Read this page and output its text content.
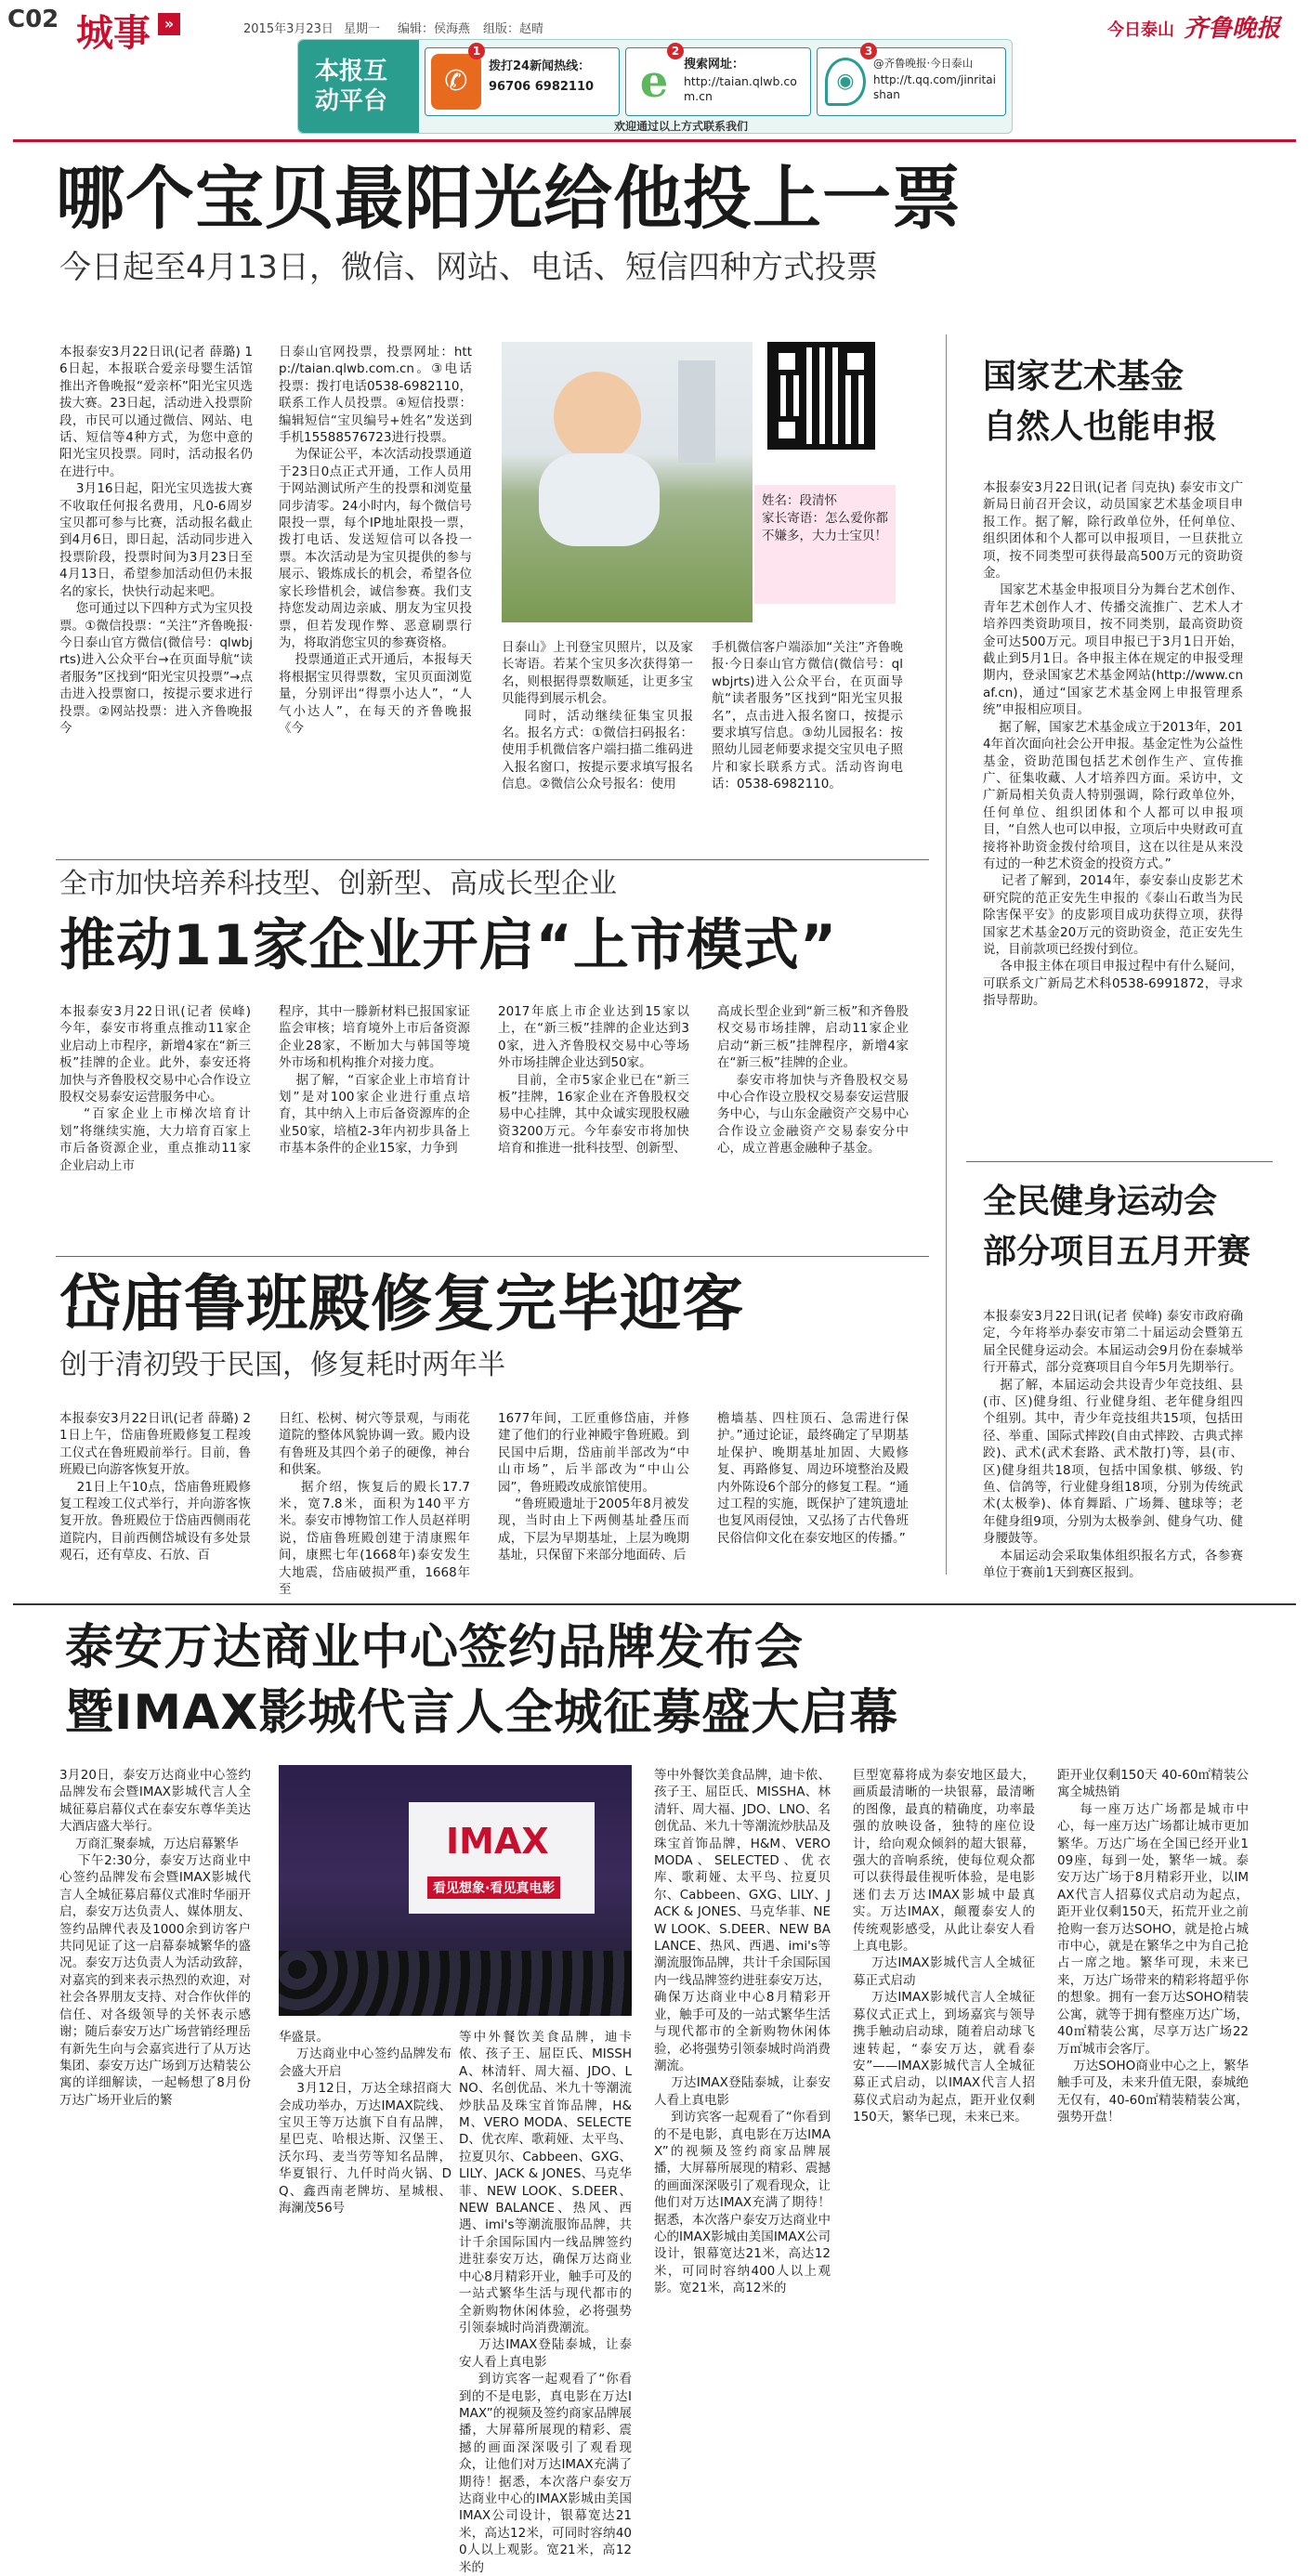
C02 城事 »	2015年3月23日 星期一 编辑：侯海燕 组版：赵晴	今日泰山 齐鲁晚报
本报互
动平台
✆
1
拨打24新闻热线：
96706 6982110	e
2
搜索网址：
http://taian.qlwb.com.cn
◉
3
@齐鲁晚报·今日泰山
http://t.qq.com/jinritaishan
欢迎通过以上方式联系我们
哪个宝贝最阳光给他投上一票
今日起至4月13日，微信、网站、电话、短信四种方式投票
本报泰安3月22日讯(记者 薛璐) 16日起，本报联合爱亲母婴生活馆推出齐鲁晚报“爱亲杯”阳光宝贝选拔大赛。23日起，活动进入投票阶段，市民可以通过微信、网站、电话、短信等4种方式，为您中意的阳光宝贝投票。同时，活动报名仍在进行中。
3月16日起，阳光宝贝选拔大赛不收取任何报名费用，凡0-6周岁宝贝都可参与比赛，活动报名截止到4月6日，即日起，活动同步进入投票阶段，投票时间为3月23日至4月13日，希望参加活动但仍未报名的家长，快快行动起来吧。
您可通过以下四种方式为宝贝投票。①微信投票：“关注”齐鲁晚报·今日泰山官方微信(微信号：qlwbjrts)进入公众平台→在页面导航“读者服务”区找到“阳光宝贝投票”→点击进入投票窗口，按提示要求进行投票。②网站投票：进入齐鲁晚报今
日泰山官网投票，投票网址：http://taian.qlwb.com.cn。③电话投票：拨打电话0538-6982110，联系工作人员投票。④短信投票：编辑短信“宝贝编号+姓名”发送到手机15588576723进行投票。
为保证公平，本次活动投票通道于23日0点正式开通，工作人员用于网站测试所产生的投票和浏览量同步清零。24小时内，每个微信号限投一票，每个IP地址限投一票，拨打电话、发送短信可以各投一票。本次活动是为宝贝提供的参与展示、锻炼成长的机会，希望各位家长珍惜机会，诚信参赛。我们支持您发动周边亲戚、朋友为宝贝投票，但若发现作弊、恶意刷票行为，将取消您宝贝的参赛资格。
投票通道正式开通后，本报每天将根据宝贝得票数，宝贝页面浏览量，分别评出“得票小达人”，“人气小达人”，在每天的齐鲁晚报《今
姓名：段清怀
家长寄语：怎么爱你都不嫌多，大力士宝贝！
日泰山》上刊登宝贝照片，以及家长寄语。若某个宝贝多次获得第一名，则根据得票数顺延，让更多宝贝能得到展示机会。
同时，活动继续征集宝贝报名。报名方式：①微信扫码报名：使用手机微信客户端扫描二维码进入报名窗口，按提示要求填写报名信息。②微信公众号报名：使用
手机微信客户端添加“关注”齐鲁晚报·今日泰山官方微信(微信号：qlwbjrts)进入公众平台，在页面导航“读者服务”区找到“阳光宝贝报名”，点击进入报名窗口，按提示要求填写信息。③幼儿园报名：按照幼儿园老师要求提交宝贝电子照片和家长联系方式。活动咨询电话：0538-6982110。
全市加快培养科技型、创新型、高成长型企业
推动11家企业开启“上市模式”
本报泰安3月22日讯(记者 侯峰) 今年，泰安市将重点推动11家企业启动上市程序，新增4家在“新三板”挂牌的企业。此外，泰安还将加快与齐鲁股权交易中心合作设立股权交易泰安运营服务中心。
“百家企业上市梯次培育计划”将继续实施，大力培育百家上市后备资源企业，重点推动11家企业启动上市
程序，其中一滕新材料已报国家证监会审核；培育境外上市后备资源企业28家，不断加大与韩国等境外市场和机构推介对接力度。
据了解，“百家企业上市培育计划”是对100家企业进行重点培育，其中纳入上市后备资源库的企业50家，培植2-3年内初步具备上市基本条件的企业15家，力争到
2017年底上市企业达到15家以上，在“新三板”挂牌的企业达到30家，进入齐鲁股权交易中心等场外市场挂牌企业达到50家。
目前，全市5家企业已在“新三板”挂牌，16家企业在齐鲁股权交易中心挂牌，其中众诚实现股权融资3200万元。今年泰安市将加快培育和推进一批科技型、创新型、
高成长型企业到“新三板”和齐鲁股权交易市场挂牌，启动11家企业启动“新三板”挂牌程序，新增4家在“新三板”挂牌的企业。
泰安市将加快与齐鲁股权交易中心合作设立股权交易泰安运营服务中心，与山东金融资产交易中心合作设立金融资产交易泰安分中心，成立普惠金融种子基金。
岱庙鲁班殿修复完毕迎客
创于清初毁于民国，修复耗时两年半
本报泰安3月22日讯(记者 薛璐) 21日上午，岱庙鲁班殿修复工程竣工仪式在鲁班殿前举行。目前，鲁班殿已向游客恢复开放。
21日上午10点，岱庙鲁班殿修复工程竣工仪式举行，并向游客恢复开放。鲁班殿位于岱庙西侧雨花道院内，目前西侧岱城设有多处景观石，还有草皮、石放、百
日红、松树、树穴等景观，与雨花道院的整体风貌协调一致。殿内设有鲁班及其四个弟子的硬像，神台和供案。
据介绍，恢复后的殿长17.7米，宽7.8米，面积为140平方米。泰安市博物馆工作人员赵祥明说，岱庙鲁班殿创建于清康熙年间，康熙七年(1668年)泰安发生大地震，岱庙破损严重，1668年至
1677年间，工匠重修岱庙，并修建了他们的行业神殿宇鲁班殿。到民国中后期，岱庙前半部改为“中山市场”，后半部改为“中山公园”，鲁班殿改成旅馆使用。
“鲁班殿遗址于2005年8月被发现，当时由上下两侧基址叠压而成，下层为早期基址，上层为晚期基址，只保留下来部分地面砖、后
檐墙基、四柱顶石、急需进行保护。”通过论证，最终确定了早期基址保护、晚期基址加固、大殿修复、再路修复、周边环境整治及殿内外陈设6个部分的修复工程。“通过工程的实施，既保护了建筑遗址也复风雨侵蚀，又弘扬了古代鲁班民俗信仰文化在泰安地区的传播。”
国家艺术基金
自然人也能申报
本报泰安3月22日讯(记者 闫克执) 泰安市文广新局日前召开会议，动员国家艺术基金项目申报工作。据了解，除行政单位外，任何单位、组织团体和个人都可以申报项目，一旦获批立项，按不同类型可获得最高500万元的资助资金。
国家艺术基金申报项目分为舞台艺术创作、青年艺术创作人才、传播交流推广、艺术人才培养四类资助项目，按不同类别，最高资助资金可达500万元。项目申报已于3月1日开始，截止到5月1日。各申报主体在规定的申报受理期内，登录国家艺术基金网站(http://www.cnaf.cn)，通过“国家艺术基金网上申报管理系统”申报相应项目。
据了解，国家艺术基金成立于2013年，2014年首次面向社会公开申报。基金定性为公益性基金，资助范围包括艺术创作生产、宣传推广、征集收藏、人才培养四方面。采访中，文广新局相关负责人特别强调，除行政单位外，任何单位、组织团体和个人都可以申报项目，“自然人也可以申报，立项后中央财政可直接将补助资金拨付给项目，这在以往是从来没有过的一种艺术资金的投资方式。”
记者了解到，2014年，泰安泰山皮影艺术研究院的范正安先生申报的《泰山石敢当为民除害保平安》的皮影项目成功获得立项，获得国家艺术基金20万元的资助资金，范正安先生说，目前款项已经拨付到位。
各申报主体在项目申报过程中有什么疑问，可联系文广新局艺术科0538-6991872，寻求指导帮助。
全民健身运动会
部分项目五月开赛
本报泰安3月22日讯(记者 侯峰) 泰安市政府确定，今年将举办泰安市第二十届运动会暨第五届全民健身运动会。本届运动会9月份在泰城举行开幕式，部分竞赛项目自今年5月先期举行。
据了解，本届运动会共设青少年竞技组、县(市、区)健身组、行业健身组、老年健身组四个组别。其中，青少年竞技组共15项，包括田径、举重、国际式摔跤(自由式摔跤、古典式摔跤)、武术(武术套路、武术散打)等，县(市、区)健身组共18项，包括中国象棋、够级、钓鱼、信鸽等，行业健身组18项，分别为传统武术(太极拳)、体育舞蹈、广场舞、毽球等；老年健身组9项，分别为太极拳剑、健身气功、健身腰鼓等。
本届运动会采取集体组织报名方式，各参赛单位于赛前1天到赛区报到。
泰安万达商业中心签约品牌发布会
暨IMAX影城代言人全城征募盛大启幕
3月20日，泰安万达商业中心签约品牌发布会暨IMAX影城代言人全城征募启幕仪式在泰安东尊华美达大酒店盛大举行。
万商汇聚泰城，万达启幕繁华
下午2:30分，泰安万达商业中心签约品牌发布会暨IMAX影城代言人全城征募启幕仪式准时华丽开启，泰安万达负责人、媒体朋友、签约品牌代表及1000余到访客户共同见证了这一启幕泰城繁华的盛况。泰安万达负责人为活动致辞，对嘉宾的到来表示热烈的欢迎，对社会各界朋友支持、对合作伙伴的信任、对各级领导的关怀表示感谢；随后泰安万达广场营销经理岳有新先生向与会嘉宾进行了从万达集团、泰安万达广场到万达精装公寓的详细解读，一起畅想了8月份万达广场开业后的繁
IMAX
看见想象·看见真电影
华盛景。
万达商业中心签约品牌发布会盛大开启
3月12日，万达全球招商大会成功举办，万达IMAX院线、宝贝王等万达旗下自有品牌，星巴克、哈根达斯、汉堡王、沃尔玛、麦当劳等知名品牌，华夏银行、九仟时尚火锅、DQ、鑫西南老牌坊、星城根、海澜茂56号
等中外餐饮美食品牌，迪卡侬、孩子王、屈臣氏、MISSHA、林清轩、周大福、JDO、LNO、名创优品、米九十等潮流炒肤品及珠宝首饰品牌，H&M、VERO MODA、SELECTED、优衣库、歌莉娅、太平鸟、拉夏贝尔、Cabbeen、GXG、LILY、JACK & JONES、马克华菲、NEW LOOK、S.DEER、NEW BALANCE、热风、西遇、imi's等潮流服饰品牌，共计千余国际国内一线品牌签约进驻泰安万达，确保万达商业中心8月精彩开业，触手可及的一站式繁华生活与现代都市的全新购物休闲体验，必将强势引领泰城时尚消费潮流。
万达IMAX登陆泰城，让泰安人看上真电影
到访宾客一起观看了“你看到的不是电影，真电影在万达IMAX”的视频及签约商家品牌展播，大屏幕所展现的精彩、震撼的画面深深吸引了观看现众，让他们对万达IMAX充满了期待！据悉，本次落户泰安万达商业中心的IMAX影城由美国IMAX公司设计，银幕宽达21米，高达12米，可同时容纳400人以上观影。宽21米，高12米的
等中外餐饮美食品牌，迪卡侬、孩子王、屈臣氏、MISSHA、林清轩、周大福、JDO、LNO、名创优品、米九十等潮流炒肤品及珠宝首饰品牌，H&M、VERO MODA、SELECTED、优衣库、歌莉娅、太平鸟、拉夏贝尔、Cabbeen、GXG、LILY、JACK & JONES、马克华菲、NEW LOOK、S.DEER、NEW BALANCE、热风、西遇、imi's等潮流服饰品牌，共计千余国际国内一线品牌签约进驻泰安万达，确保万达商业中心8月精彩开业，触手可及的一站式繁华生活与现代都市的全新购物休闲体验，必将强势引领泰城时尚消费潮流。
万达IMAX登陆泰城，让泰安人看上真电影
到访宾客一起观看了“你看到的不是电影，真电影在万达IMAX”的视频及签约商家品牌展播，大屏幕所展现的精彩、震撼的画面深深吸引了观看现众，让他们对万达IMAX充满了期待！据悉，本次落户泰安万达商业中心的IMAX影城由美国IMAX公司设计，银幕宽达21米，高达12米，可同时容纳400人以上观影。宽21米，高12米的
巨型宽幕将成为泰安地区最大，画质最清晰的一块银幕，最清晰的图像，最真的精确度，功率最强的放映设备，独特的座位设计，给向观众倾斜的超大银幕，强大的音响系统，使每位观众都可以获得最佳视听体验，是电影迷们去万达IMAX影城中最真实。万达IMAX，颠覆泰安人的传统观影感受，从此让泰安人看上真电影。
万达IMAX影城代言人全城征募正式启动
万达IMAX影城代言人全城征募仪式正式上，到场嘉宾与领导携手触动启动球，随着启动球飞速转起，“泰安万达，就看泰安”——IMAX影城代言人全城征募正式启动，以IMAX代言人招募仪式启动为起点，距开业仅剩150天，繁华已现，未来已来。
距开业仅剩150天 40-60㎡精装公寓全城热销
每一座万达广场都是城市中心，每一座万达广场都让城市更加繁华。万达广场在全国已经开业109座，每到一处，繁华一城。泰安万达广场于8月精彩开业，以IMAX代言人招募仪式启动为起点，距开业仅剩150天，拓荒开业之前抢购一套万达SOHO，就是抢占城市中心，就是在繁华之中为自己抢占一席之地。繁华可现，未来已来，万达广场带来的精彩将超乎你的想象。拥有一套万达SOHO精装公寓，就等于拥有整座万达广场，40㎡精装公寓，尽享万达广场22万㎡城市会客厅。
万达SOHO商业中心之上，繁华触手可及，未来升值无限，泰城绝无仅有，40-60㎡精装精装公寓，强势开盘！
